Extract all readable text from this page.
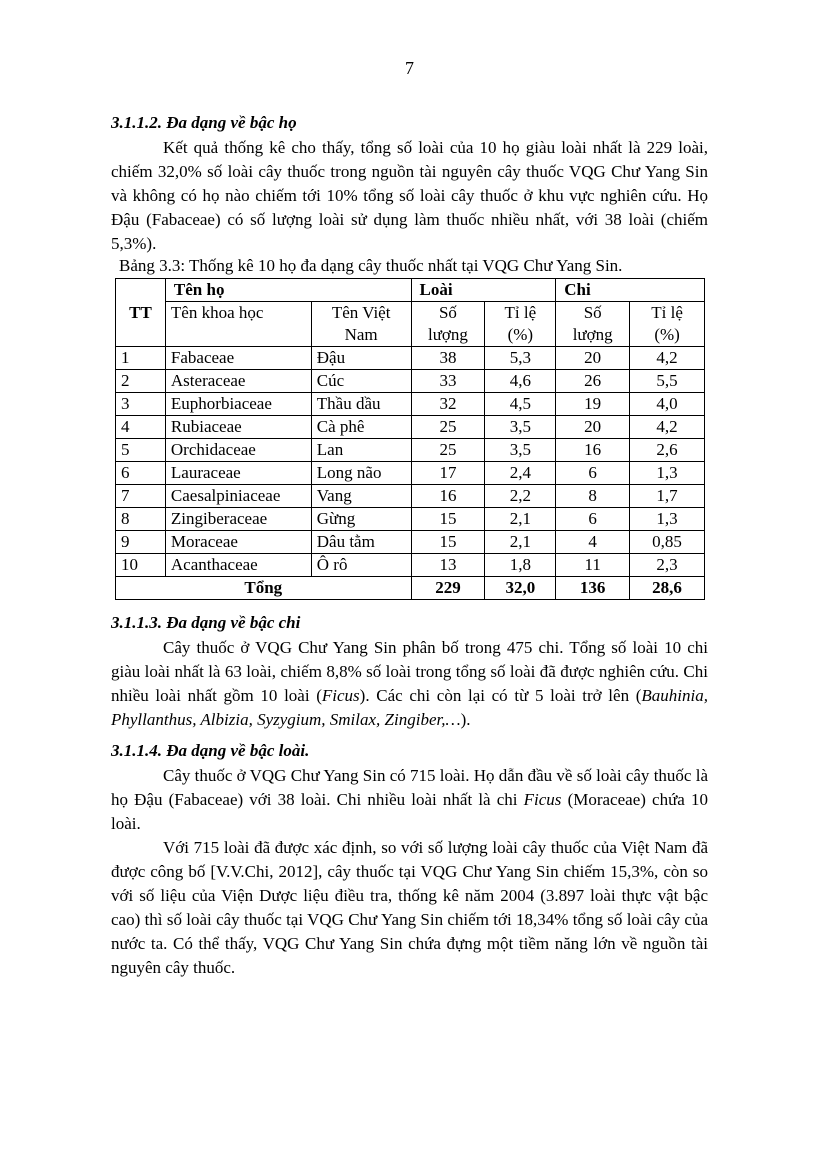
7

3.1.1.2. Đa dạng về bậc họ

Kết quả thống kê cho thấy, tổng số loài của 10 họ giàu loài nhất là 229 loài, chiếm 32,0% số loài cây thuốc trong nguồn tài nguyên cây thuốc VQG Chư Yang Sin và không có họ nào chiếm tới 10% tổng số loài cây thuốc ở khu vực nghiên cứu. Họ Đậu (Fabaceae) có số lượng loài sử dụng làm thuốc nhiều nhất, với 38 loài (chiếm 5,3%).

Bảng 3.3: Thống kê 10 họ đa dạng cây thuốc nhất tại VQG Chư Yang Sin.

TT	Tên họ		Loài		Chi	
	Tên khoa học	Tên Việt	Số	Tỉ lệ	Số	Tỉ lệ
		Nam	lượng	(%)	lượng	(%)
1	Fabaceae	Đậu	38	5,3	20	4,2
2	Asteraceae	Cúc	33	4,6	26	5,5
3	Euphorbiaceae	Thầu dầu	32	4,5	19	4,0
4	Rubiaceae	Cà phê	25	3,5	20	4,2
5	Orchidaceae	Lan	25	3,5	16	2,6
6	Lauraceae	Long não	17	2,4	6	1,3
7	Caesalpiniaceae	Vang	16	2,2	8	1,7
8	Zingiberaceae	Gừng	15	2,1	6	1,3
9	Moraceae	Dâu tằm	15	2,1	4	0,85
10	Acanthaceae	Ô rô	13	1,8	11	2,3
Tổng			229	32,0	136	28,6

3.1.1.3. Đa dạng về bậc chi

Cây thuốc ở VQG Chư Yang Sin phân bố trong 475 chi. Tổng số loài 10 chi giàu loài nhất là 63 loài, chiếm 8,8% số loài trong tổng số loài đã được nghiên cứu. Chi nhiều loài nhất gồm 10 loài (Ficus). Các chi còn lại có từ 5 loài trở lên (Bauhinia, Phyllanthus, Albizia, Syzygium, Smilax, Zingiber,…).

3.1.1.4. Đa dạng về bậc loài.

Cây thuốc ở VQG Chư Yang Sin có 715 loài. Họ dẫn đầu về số loài cây thuốc là họ Đậu (Fabaceae) với 38 loài. Chi nhiều loài nhất là chi Ficus (Moraceae) chứa 10 loài.

Với 715 loài đã được xác định, so với số lượng loài cây thuốc của Việt Nam đã được công bố [V.V.Chi, 2012], cây thuốc tại VQG Chư Yang Sin chiếm 15,3%, còn so với số liệu của Viện Dược liệu điều tra, thống kê năm 2004 (3.897 loài thực vật bậc cao) thì số loài cây thuốc tại VQG Chư Yang Sin chiếm tới 18,34% tổng số loài cây của nước ta. Có thể thấy, VQG Chư Yang Sin chứa đựng một tiềm năng lớn về nguồn tài nguyên cây thuốc.
